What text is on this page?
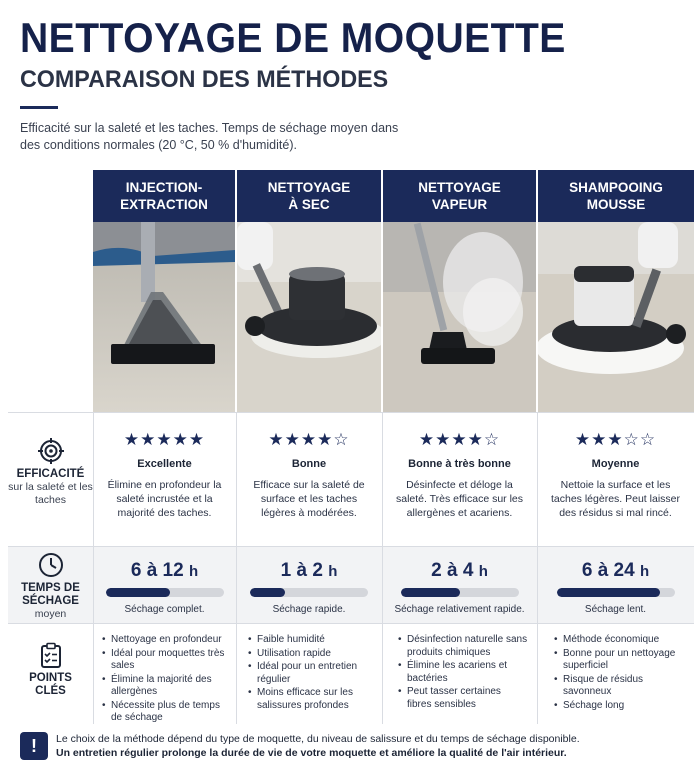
NETTOYAGE DE MOQUETTE
COMPARAISON DES MÉTHODES
Efficacité sur la saleté et les taches. Temps de séchage moyen dans des conditions normales (20 °C, 50 % d'humidité).
INJECTION-
EXTRACTION
NETTOYAGE
À SEC
NETTOYAGE
VAPEUR
SHAMPOOING
MOUSSE
EFFICACITÉ
sur la saleté et les taches
TEMPS DE SÉCHAGE
moyen
POINTS CLÉS
★★★★★
Excellente
Élimine en profondeur la saleté incrustée et la majorité des taches.
★★★★☆
Bonne
Efficace sur la saleté de surface et les taches légères à modérées.
★★★★☆
Bonne à très bonne
Désinfecte et déloge la saleté. Très efficace sur les allergènes et acariens.
★★★☆☆
Moyenne
Nettoie la surface et les taches légères. Peut laisser des résidus si mal rincé.
6 à 12 h
Séchage complet.
1 à 2 h
Séchage rapide.
2 à 4 h
Séchage relativement rapide.
6 à 24 h
Séchage lent.
• Nettoyage en profondeur
• Idéal pour moquettes très sales
• Élimine la majorité des allergènes
• Nécessite plus de temps de séchage
• Faible humidité
• Utilisation rapide
• Idéal pour un entretien régulier
• Moins efficace sur les salissures profondes
• Désinfection naturelle sans produits chimiques
• Élimine les acariens et bactéries
• Peut tasser certaines fibres sensibles
• Méthode économique
• Bonne pour un nettoyage superficiel
• Risque de résidus savonneux
• Séchage long
!	Le choix de la méthode dépend du type de moquette, du niveau de salissure et du temps de séchage disponible.
Un entretien régulier prolonge la durée de vie de votre moquette et améliore la qualité de l'air intérieur.
